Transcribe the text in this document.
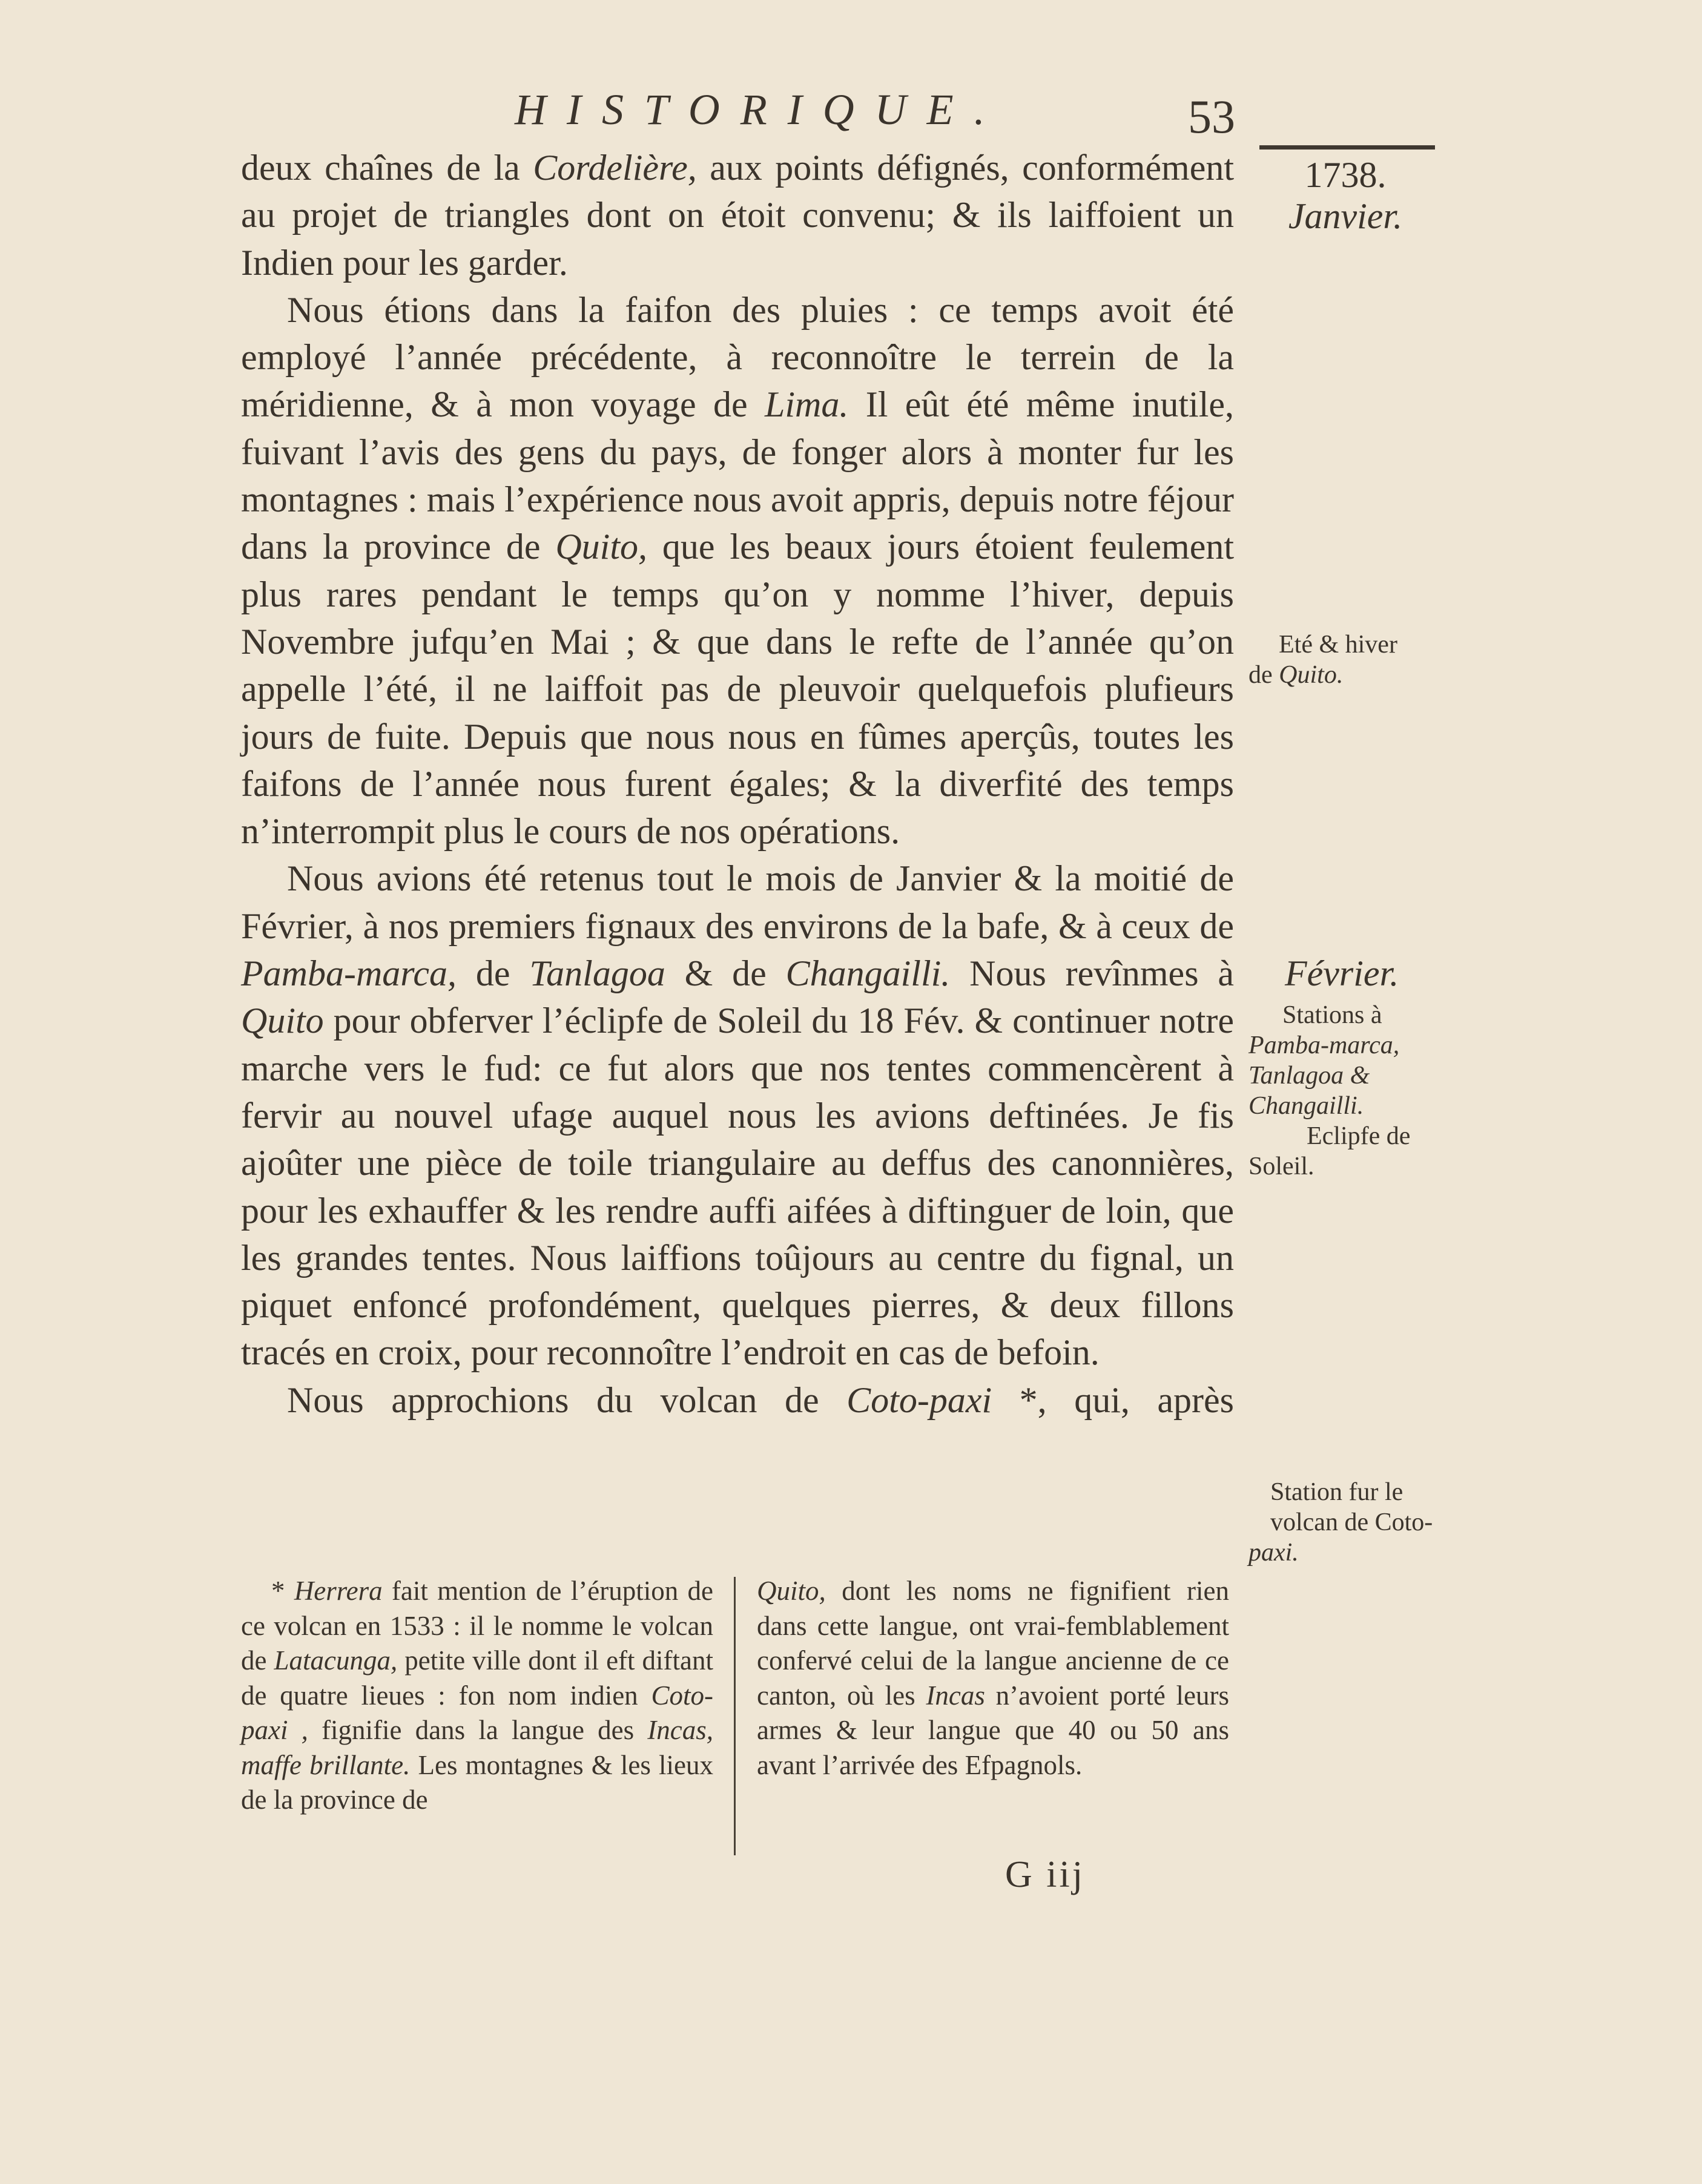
HISTORIQUE.	53

deux chaînes de la Cordelière, aux points défignés, conformément au projet de triangles dont on étoit convenu; & ils laiffoient un Indien pour les garder.

Nous étions dans la faifon des pluies : ce temps avoit été employé l’année précédente, à reconnoître le terrein de la méridienne, & à mon voyage de Lima. Il eût été même inutile, fuivant l’avis des gens du pays, de fonger alors à monter fur les montagnes : mais l’expérience nous avoit appris, depuis notre féjour dans la province de Quito, que les beaux jours étoient feulement plus rares pendant le temps qu’on y nomme l’hiver, depuis Novembre jufqu’en Mai ; & que dans le refte de l’année qu’on appelle l’été, il ne laiffoit pas de pleuvoir quelquefois plufieurs jours de fuite. Depuis que nous nous en fûmes aperçûs, toutes les faifons de l’année nous furent égales; & la diverfité des temps n’interrompit plus le cours de nos opérations.

Nous avions été retenus tout le mois de Janvier & la moitié de Février, à nos premiers fignaux des environs de la bafe, & à ceux de Pamba-marca, de Tanlagoa & de Changailli. Nous revînmes à Quito pour obferver l’éclipfe de Soleil du 18 Fév. & continuer notre marche vers le fud: ce fut alors que nos tentes commencèrent à fervir au nouvel ufage auquel nous les avions deftinées. Je fis ajoûter une pièce de toile triangulaire au deffus des canonnières, pour les exhauffer & les rendre auffi aifées à diftinguer de loin, que les grandes tentes. Nous laiffions toûjours au centre du fignal, un piquet enfoncé profondément, quelques pierres, & deux fillons tracés en croix, pour reconnoître l’endroit en cas de befoin.

Nous approchions du volcan de Coto-paxi *, qui, après

1738.
Janvier.
Eté & hiver
de Quito.
Février.
Stations à
Pamba-marca,
Tanlagoa &
Changailli.
Eclipfe de
Soleil.
Station fur le
volcan de Coto-
paxi.

* Herrera fait mention de l’éruption de ce volcan en 1533 : il le nomme le volcan de Latacunga, petite ville dont il eft diftant de quatre lieues : fon nom indien Coto-paxi , fignifie dans la langue des Incas, maffe brillante. Les montagnes & les lieux de la province de

Quito, dont les noms ne fignifient rien dans cette langue, ont vrai-femblablement confervé celui de la langue ancienne de ce canton, où les Incas n’avoient porté leurs armes & leur langue que 40 ou 50 ans avant l’arrivée des Efpagnols.

G iij
